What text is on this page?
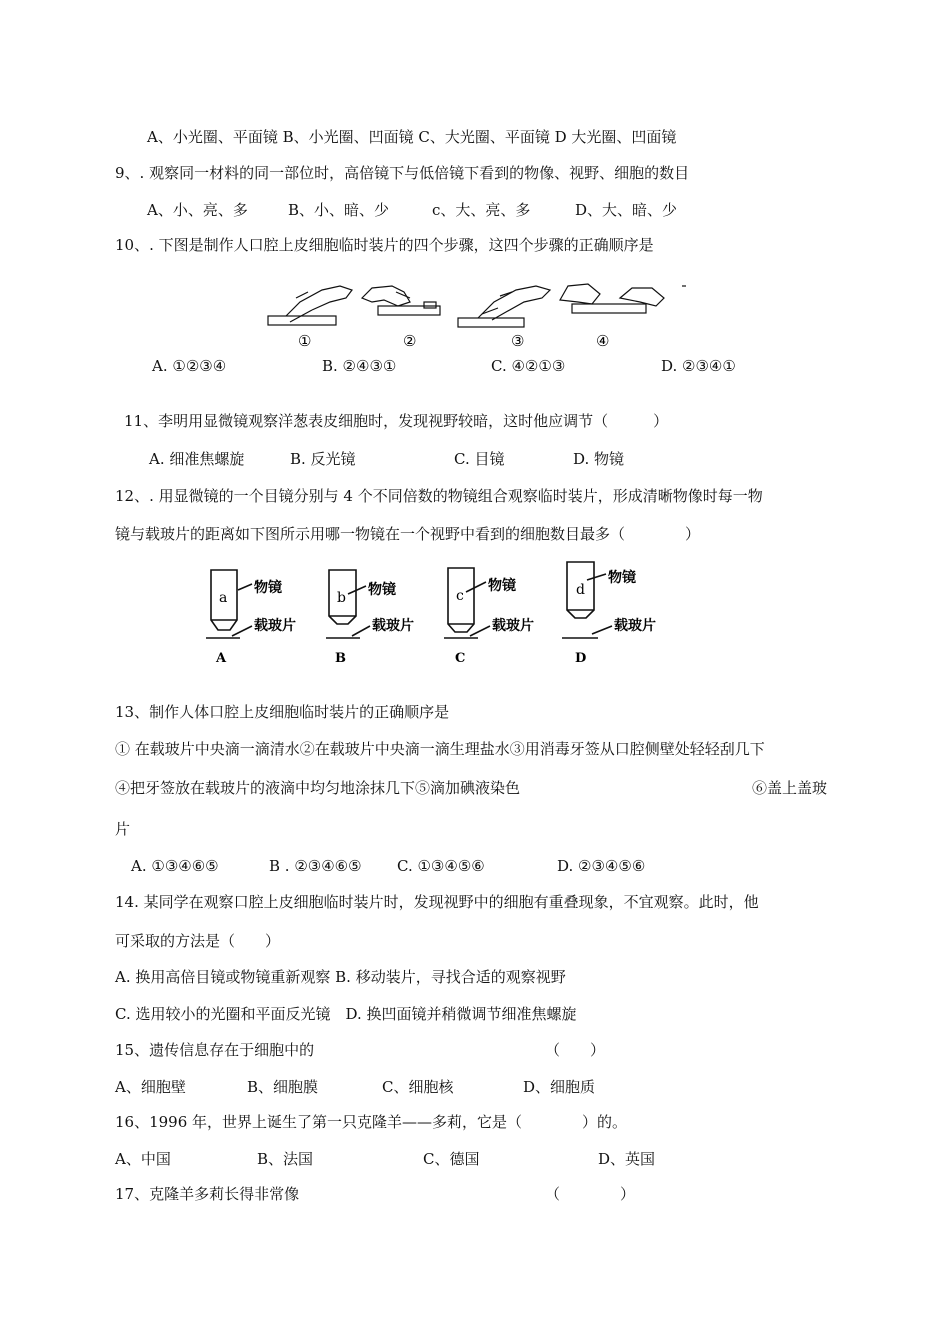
A、小光圈、平面镜 B、小光圈、凹面镜 C、大光圈、平面镜 D 大光圈、凹面镜
9、. 观察同一材料的同一部位时，高倍镜下与低倍镜下看到的物像、视野、细胞的数目
A、小、亮、多	B、小、暗、少	c、大、亮、多	D、大、暗、少
10、. 下图是制作人口腔上皮细胞临时装片的四个步骤，这四个步骤的正确顺序是
①	②	③	④
A. ①②③④	B. ②④③①	C. ④②①③	D. ②③④①
11、李明用显微镜观察洋葱表皮细胞时，发现视野较暗，这时他应调节（　　　）
A. 细准焦螺旋	B. 反光镜	C. 目镜	D. 物镜
12、. 用显微镜的一个目镜分别与 4 个不同倍数的物镜组合观察临时装片，形成清晰物像时每一物
镜与载玻片的距离如下图所示用哪一物镜在一个视野中看到的细胞数目最多（　　　　）
a	b	c	d
物镜	物镜	物镜	物镜
载玻片	载玻片	载玻片	载玻片
A	B	C	D
13、制作人体口腔上皮细胞临时装片的正确顺序是
① 在载玻片中央滴一滴清水②在载玻片中央滴一滴生理盐水③用消毒牙签从口腔侧壁处轻轻刮几下
④把牙签放在载玻片的液滴中均匀地涂抹几下⑤滴加碘液染色	⑥盖上盖玻
片
A. ①③④⑥⑤	B . ②③④⑥⑤ C. ①③④⑤⑥	D. ②③④⑤⑥
14. 某同学在观察口腔上皮细胞临时装片时，发现视野中的细胞有重叠现象，不宜观察。此时，他
可采取的方法是（　　）
A. 换用高倍目镜或物镜重新观察 B. 移动装片，寻找合适的观察视野
C. 选用较小的光圈和平面反光镜　D. 换凹面镜并稍微调节细准焦螺旋
15、遗传信息存在于细胞中的	（　　）
A、细胞壁	B、细胞膜	C、细胞核	D、细胞质
16、1996 年，世界上诞生了第一只克隆羊——多莉，它是（　　　　）的。
A、中国	B、法国	C、德国	D、英国
17、克隆羊多莉长得非常像	（　　　　）
